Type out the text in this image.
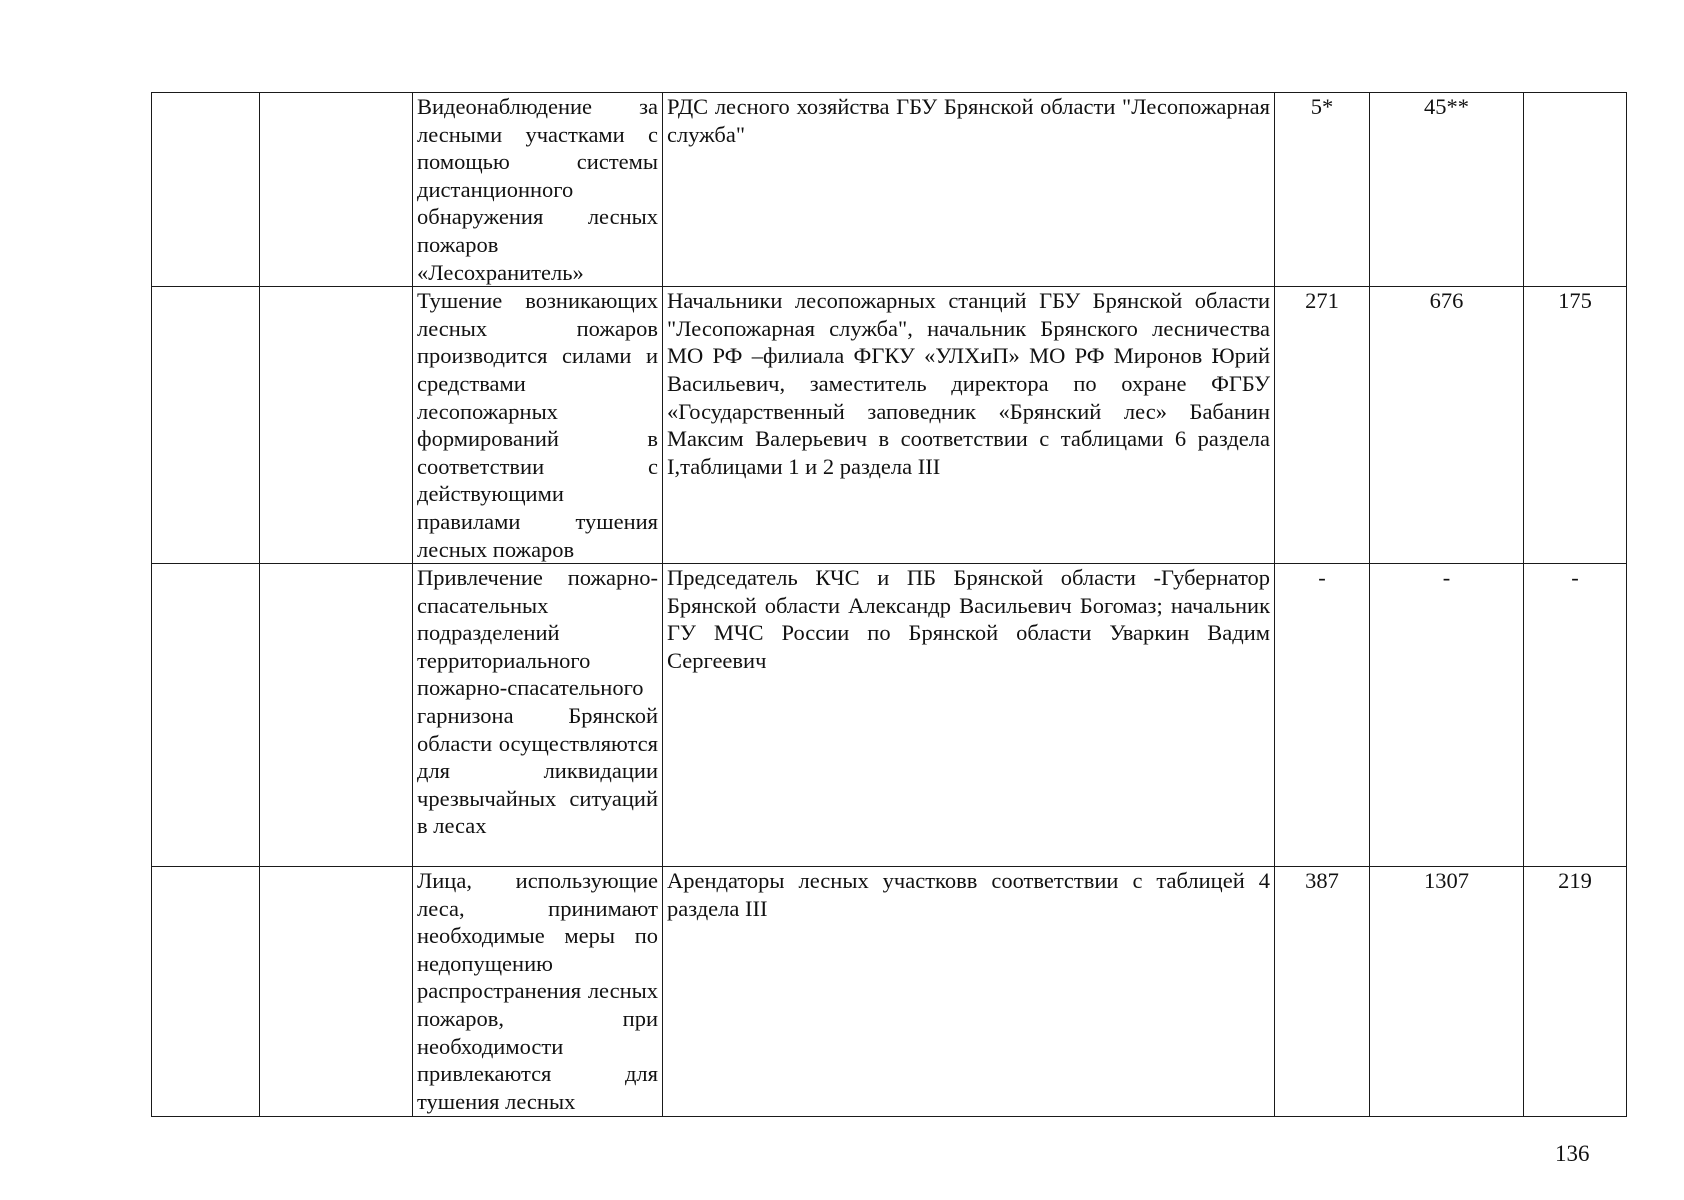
		Видеонаблюдение за лесными участками с помощью системы дистанционного обнаружения лесных пожаров «Лесохранитель»	РДС лесного хозяйства ГБУ Брянской области "Лесопожарная служба"	5*	45**	
		Тушение возникающих лесных пожаров производится силами и средствами лесопожарных формирований в соответствии с действующими правилами тушения лесных пожаров	Начальники лесопожарных станций ГБУ Брянской области "Лесопожарная служба", начальник Брянского лесничества МО РФ –филиала ФГКУ «УЛХиП» МО РФ Миронов Юрий Васильевич, заместитель директора по охране ФГБУ «Государственный заповедник «Брянский лес» Бабанин Максим Валерьевич в соответствии с таблицами 6 раздела I,таблицами 1 и 2 раздела III	271	676	175
		Привлечение пожарно-спасательных подразделений территориального пожарно-спасательного гарнизона Брянской области осуществляются для ликвидации чрезвычайных ситуаций в лесах	Председатель КЧС и ПБ Брянской области -Губернатор Брянской области Александр Васильевич Богомаз; начальник ГУ МЧС России по Брянской области Уваркин Вадим Сергеевич	-	-	-
		Лица, использующие леса, принимают необходимые меры по недопущению распространения лесных пожаров, при необходимости привлекаются для тушения лесных	Арендаторы лесных участковв соответствии с таблицей 4 раздела III	387	1307	219
136
